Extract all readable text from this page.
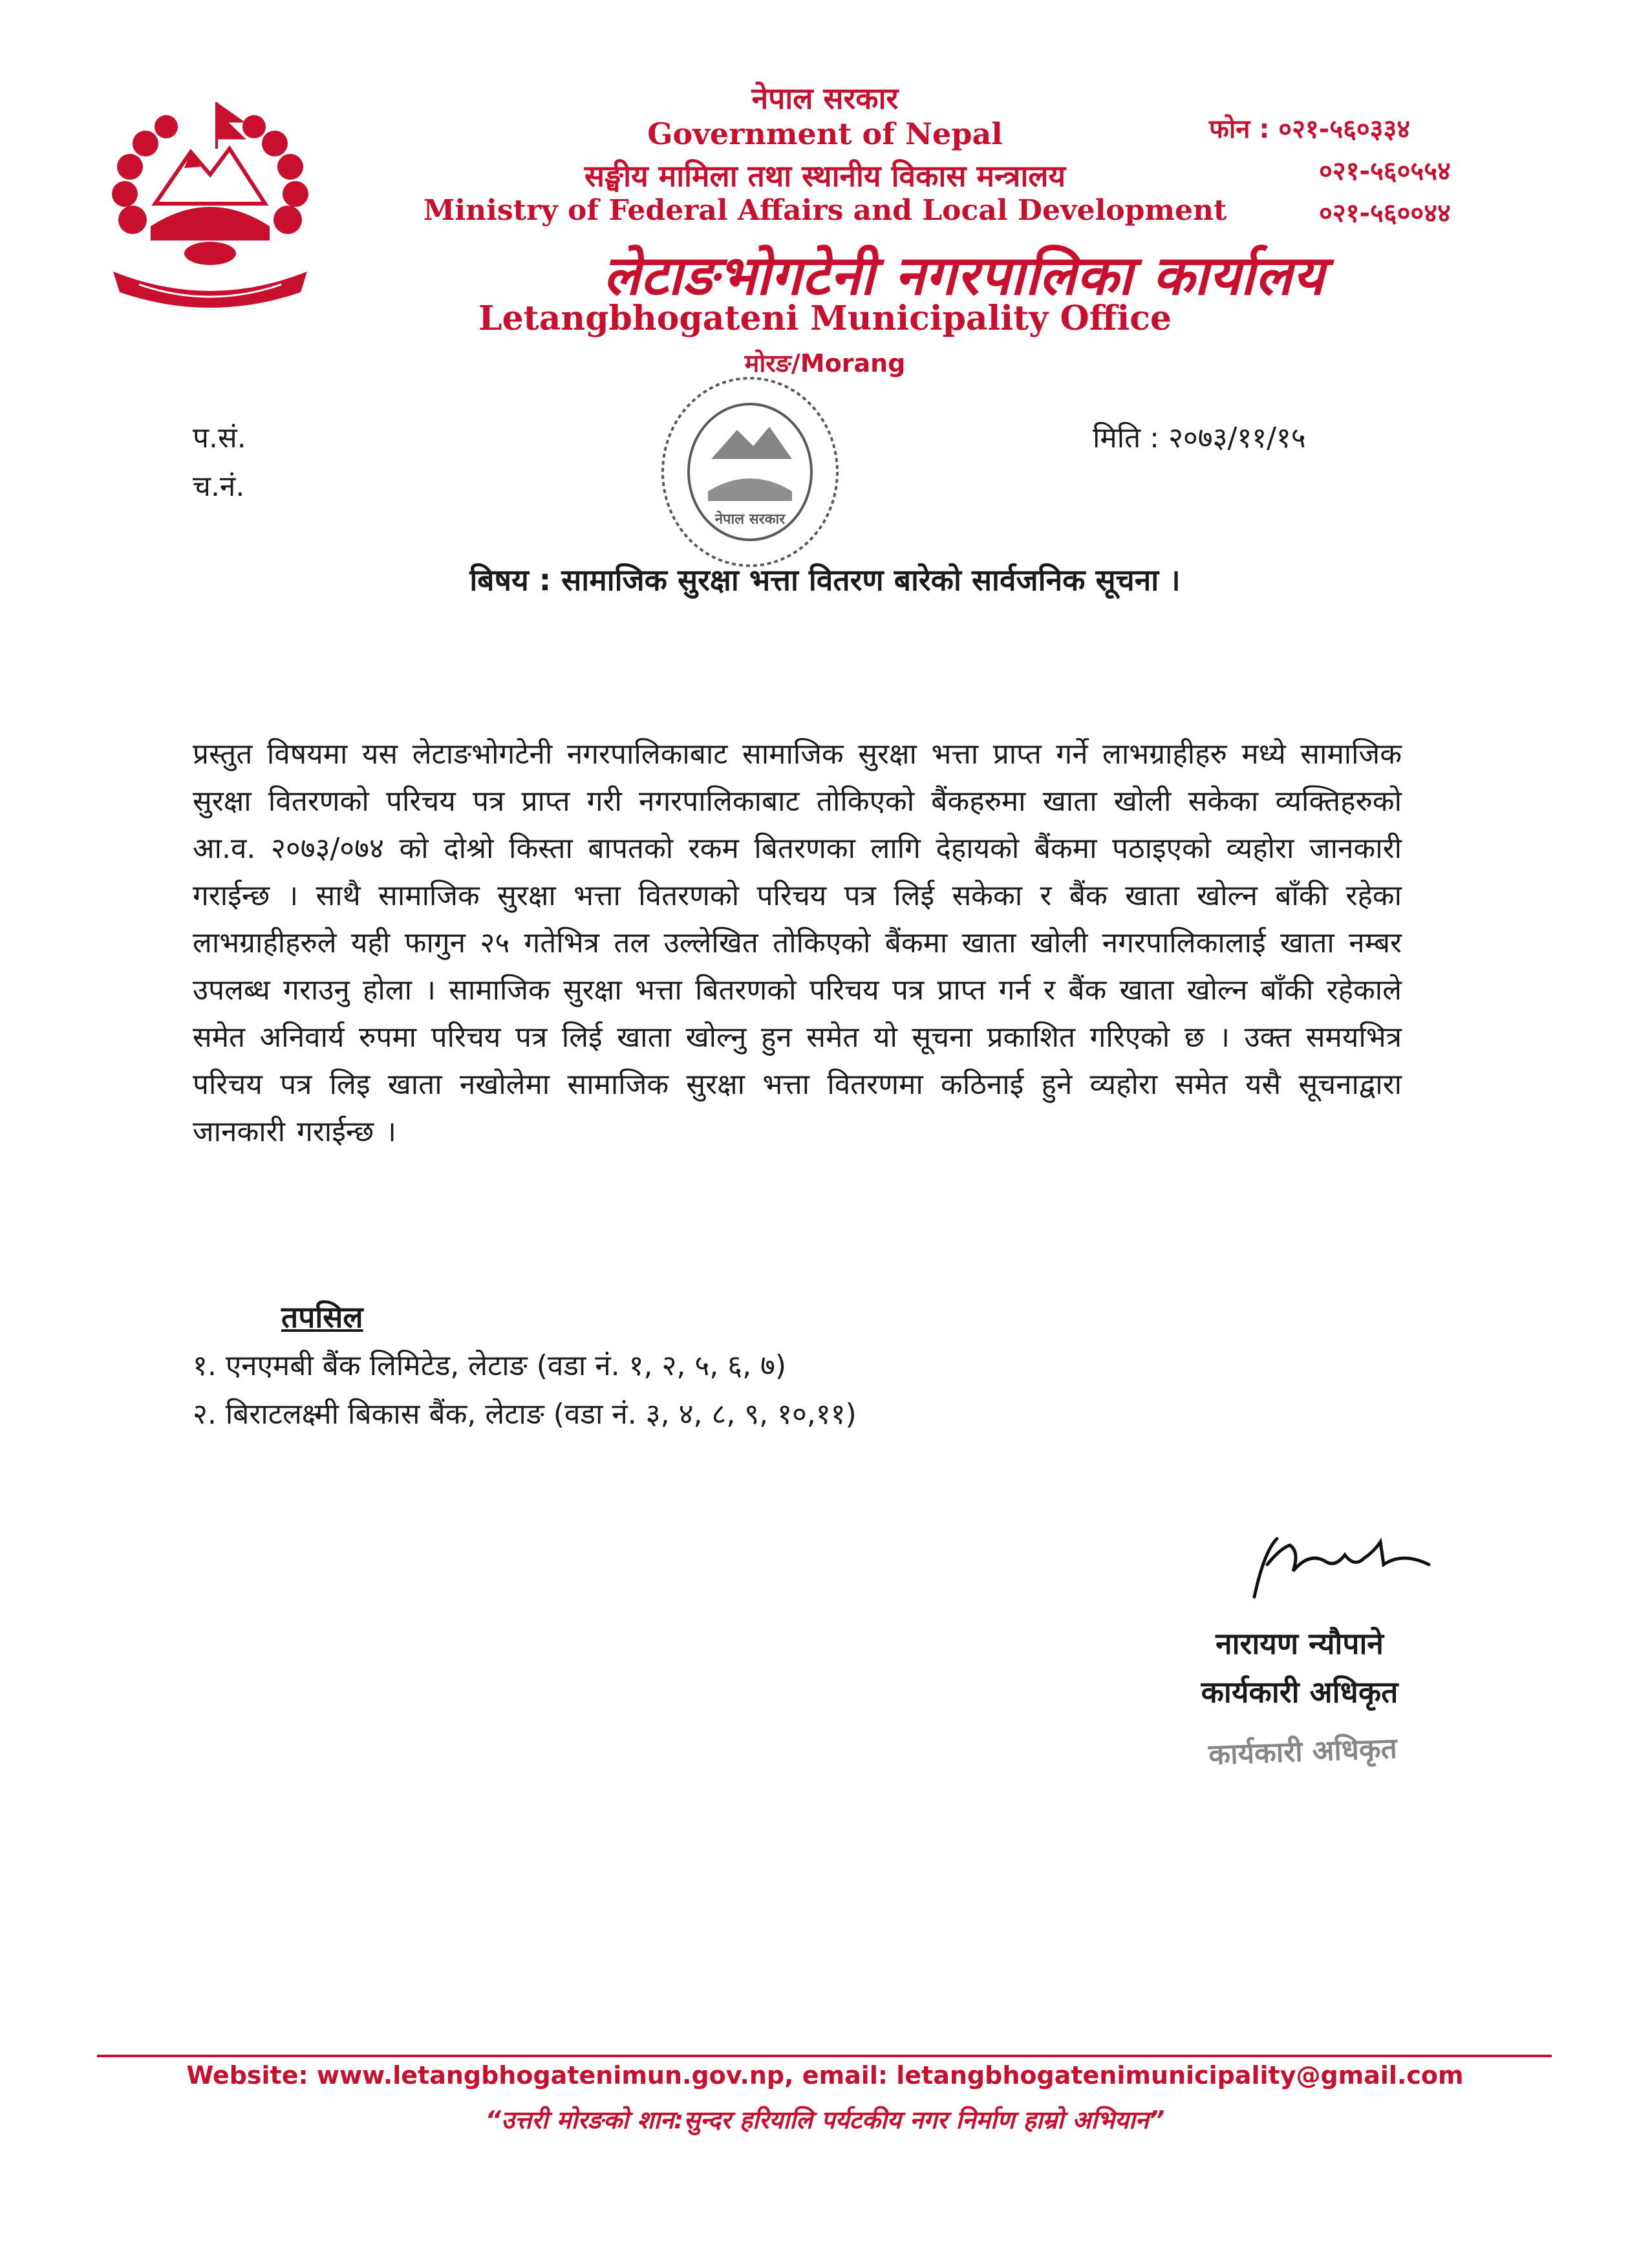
नेपाल सरकार
Government of Nepal
सङ्घीय मामिला तथा स्थानीय विकास मन्त्रालय
Ministry of Federal Affairs and Local Development
लेटाङभोगटेनी नगरपालिका कार्यालय
Letangbhogateni Municipality Office
मोरङ/Morang
फोन : ०२१-५६०३३४
०२१-५६०५५४
०२१-५६००४४
प.सं.
च.नं.
मिति : २०७३/११/१५
नेपाल सरकार
बिषय : सामाजिक सुरक्षा भत्ता वितरण बारेको सार्वजनिक सूचना ।
प्रस्तुत विषयमा यस लेटाङभोगटेनी नगरपालिकाबाट सामाजिक सुरक्षा भत्ता प्राप्त गर्ने लाभग्राहीहरु मध्ये सामाजिक सुरक्षा वितरणको परिचय पत्र प्राप्त गरी नगरपालिकाबाट तोकिएको बैंकहरुमा खाता खोली सकेका व्यक्तिहरुको आ.व. २०७३/०७४ को दोश्रो किस्ता बापतको रकम बितरणका लागि देहायको बैंकमा पठाइएको व्यहोरा जानकारी गराईन्छ । साथै सामाजिक सुरक्षा भत्ता वितरणको परिचय पत्र लिई सकेका र बैंक खाता खोल्न बाँकी रहेका लाभग्राहीहरुले यही फागुन २५ गतेभित्र तल उल्लेखित तोकिएको बैंकमा खाता खोली नगरपालिकालाई खाता नम्बर उपलब्ध गराउनु होला । सामाजिक सुरक्षा भत्ता बितरणको परिचय पत्र प्राप्त गर्न र बैंक खाता खोल्न बाँकी रहेकाले समेत अनिवार्य रुपमा परिचय पत्र लिई खाता खोल्नु हुन समेत यो सूचना प्रकाशित गरिएको छ । उक्त समयभित्र परिचय पत्र लिइ खाता नखोलेमा सामाजिक सुरक्षा भत्ता वितरणमा कठिनाई हुने व्यहोरा समेत यसै सूचनाद्वारा जानकारी गराईन्छ ।
तपसिल
१. एनएमबी बैंक लिमिटेड, लेटाङ (वडा नं. १, २, ५, ६, ७)
२. बिराटलक्ष्मी बिकास बैंक, लेटाङ (वडा नं. ३, ४, ८, ९, १०,११)
नारायण न्यौपाने
कार्यकारी अधिकृत
कार्यकारी अधिकृत
Website: www.letangbhogatenimun.gov.np, email: letangbhogatenimunicipality@gmail.com
“उत्तरी मोरङको शान:सुन्दर हरियालि पर्यटकीय नगर निर्माण हाम्रो अभियान”
